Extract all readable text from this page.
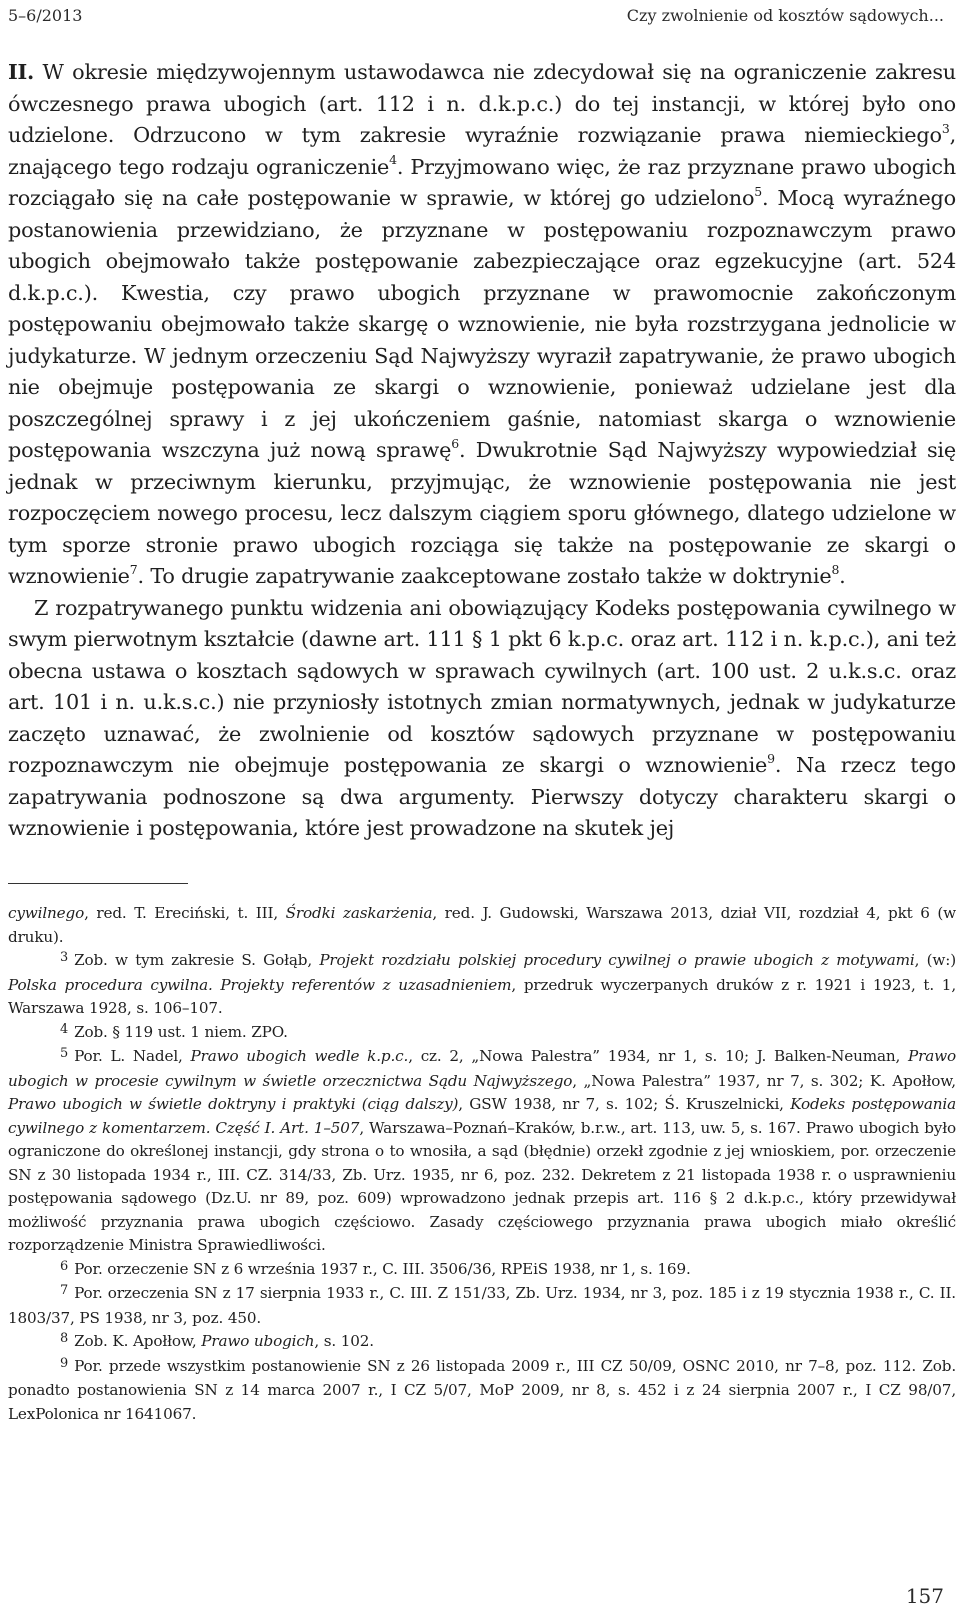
5–6/2013	Czy zwolnienie od kosztów sądowych...

II. W okresie międzywojennym ustawodawca nie zdecydował się na ograniczenie zakresu ówczesnego prawa ubogich (art. 112 i n. d.k.p.c.) do tej instancji, w której było ono udzielone. Odrzucono w tym zakresie wyraźnie rozwiązanie prawa niemieckiego$^3$, znającego tego rodzaju ograniczenie$^4$. Przyjmowano więc, że raz przyznane prawo ubogich rozciągało się na całe postępowanie w sprawie, w której go udzielono$^5$. Mocą wyraźnego postanowienia przewidziano, że przyznane w postępowaniu rozpoznawczym prawo ubogich obejmowało także postępowanie zabezpieczające oraz egzekucyjne (art. 524 d.k.p.c.). Kwestia, czy prawo ubogich przyznane w prawomocnie zakończonym postępowaniu obejmowało także skargę o wznowienie, nie była rozstrzygana jednolicie w judykaturze. W jednym orzeczeniu Sąd Najwyższy wyraził zapatrywanie, że prawo ubogich nie obejmuje postępowania ze skargi o wznowienie, ponieważ udzielane jest dla poszczególnej sprawy i z jej ukończeniem gaśnie, natomiast skarga o wznowienie postępowania wszczyna już nową sprawę$^6$. Dwukrotnie Sąd Najwyższy wypowiedział się jednak w przeciwnym kierunku, przyjmując, że wznowienie postępowania nie jest rozpoczęciem nowego procesu, lecz dalszym ciągiem sporu głównego, dlatego udzielone w tym sporze stronie prawo ubogich rozciąga się także na postępowanie ze skargi o wznowienie$^7$. To drugie zapatrywanie zaakceptowane zostało także w doktrynie$^8$.

Z rozpatrywanego punktu widzenia ani obowiązujący Kodeks postępowania cywilnego w swym pierwotnym kształcie (dawne art. 111 § 1 pkt 6 k.p.c. oraz art. 112 i n. k.p.c.), ani też obecna ustawa o kosztach sądowych w sprawach cywilnych (art. 100 ust. 2 u.k.s.c. oraz art. 101 i n. u.k.s.c.) nie przyniosły istotnych zmian normatywnych, jednak w judykaturze zaczęto uznawać, że zwolnienie od kosztów sądowych przyznane w postępowaniu rozpoznawczym nie obejmuje postępowania ze skargi o wznowienie$^9$. Na rzecz tego zapatrywania podnoszone są dwa argumenty. Pierwszy dotyczy charakteru skargi o wznowienie i postępowania, które jest prowadzone na skutek jej

cywilnego, red. T. Ereciński, t. III, Środki zaskarżenia, red. J. Gudowski, Warszawa 2013, dział VII, rozdział 4, pkt 6 (w druku).

3 Zob. w tym zakresie S. Gołąb, Projekt rozdziału polskiej procedury cywilnej o prawie ubogich z motywami, (w:) Polska procedura cywilna. Projekty referentów z uzasadnieniem, przedruk wyczerpanych druków z r. 1921 i 1923, t. 1, Warszawa 1928, s. 106–107.

4 Zob. § 119 ust. 1 niem. ZPO.

5 Por. L. Nadel, Prawo ubogich wedle k.p.c., cz. 2, „Nowa Palestra” 1934, nr 1, s. 10; J. Balken-Neuman, Prawo ubogich w procesie cywilnym w świetle orzecznictwa Sądu Najwyższego, „Nowa Palestra” 1937, nr 7, s. 302; K. Apołłow, Prawo ubogich w świetle doktryny i praktyki (ciąg dalszy), GSW 1938, nr 7, s. 102; Ś. Kruszelnicki, Kodeks postępowania cywilnego z komentarzem. Część I. Art. 1–507, Warszawa–Poznań–Kraków, b.r.w., art. 113, uw. 5, s. 167. Prawo ubogich było ograniczone do określonej instancji, gdy strona o to wnosiła, a sąd (błędnie) orzekł zgodnie z jej wnioskiem, por. orzeczenie SN z 30 listopada 1934 r., III. CZ. 314/33, Zb. Urz. 1935, nr 6, poz. 232. Dekretem z 21 listopada 1938 r. o usprawnieniu postępowania sądowego (Dz.U. nr 89, poz. 609) wprowadzono jednak przepis art. 116 § 2 d.k.p.c., który przewidywał możliwość przyznania prawa ubogich częściowo. Zasady częściowego przyznania prawa ubogich miało określić rozporządzenie Ministra Sprawiedliwości.

6 Por. orzeczenie SN z 6 września 1937 r., C. III. 3506/36, RPEiS 1938, nr 1, s. 169.

7 Por. orzeczenia SN z 17 sierpnia 1933 r., C. III. Z 151/33, Zb. Urz. 1934, nr 3, poz. 185 i z 19 stycznia 1938 r., C. II. 1803/37, PS 1938, nr 3, poz. 450.

8 Zob. K. Apołłow, Prawo ubogich, s. 102.

9 Por. przede wszystkim postanowienie SN z 26 listopada 2009 r., III CZ 50/09, OSNC 2010, nr 7–8, poz. 112. Zob. ponadto postanowienia SN z 14 marca 2007 r., I CZ 5/07, MoP 2009, nr 8, s. 452 i z 24 sierpnia 2007 r., I CZ 98/07, LexPolonica nr 1641067.

157
